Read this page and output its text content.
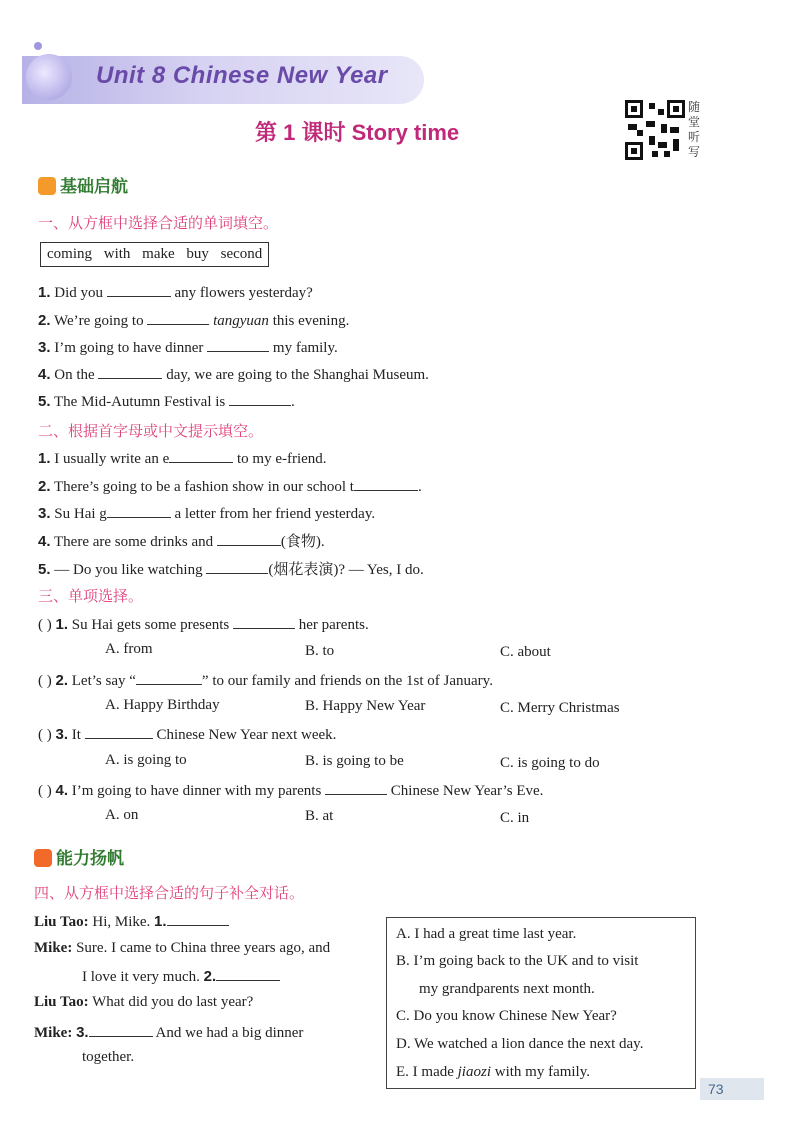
Unit 8 Chinese New Year
第 1 课时 Story time
随堂听写
基础启航
一、从方框中选择合适的单词填空。
coming with make buy second
1. Did you	any flowers yesterday?
2. We’re going to	tangyuan this evening.
3. I’m going to have dinner	my family.
4. On the	day, we are going to the Shanghai Museum.
5. The Mid-Autumn Festival is	.
二、根据首字母或中文提示填空。
1. I usually write an e	to my e-friend.
2. There’s going to be a fashion show in our school t	.
3. Su Hai g	a letter from her friend yesterday.
4. There are some drinks and	(食物).
5. — Do you like watching	(烟花表演)? — Yes, I do.
三、单项选择。
( ) 1. Su Hai gets some presents	her parents.
A. from	B. to	C. about
( ) 2. Let’s say “	” to our family and friends on the 1st of January.
A. Happy Birthday	B. Happy New Year	C. Merry Christmas
( ) 3. It	Chinese New Year next week.
A. is going to	B. is going to be	C. is going to do
( ) 4. I’m going to have dinner with my parents	Chinese New Year’s Eve.
A. on	B. at	C. in
能力扬帆
四、从方框中选择合适的句子补全对话。
Liu Tao: Hi, Mike. 1.
Mike: Sure. I came to China three years ago, and
I love it very much. 2.
Liu Tao: What did you do last year?
Mike: 3.	And we had a big dinner
together.
A. I had a great time last year.
B. I’m going back to the UK and to visit
my grandparents next month.
C. Do you know Chinese New Year?
D. We watched a lion dance the next day.
E. I made jiaozi with my family.
73
